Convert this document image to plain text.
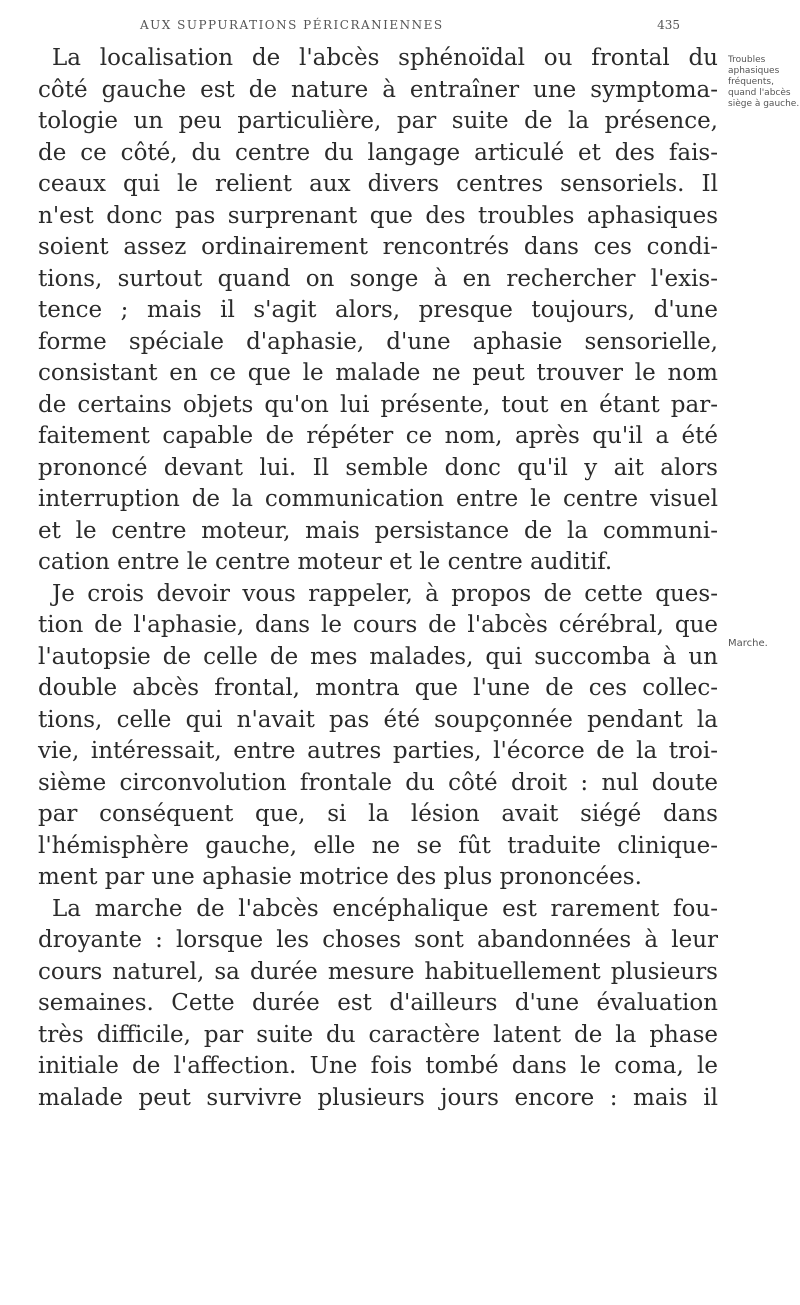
AUX SUPPURATIONS PÉRICRANIENNES	435
Troubles aphasiques fréquents, quand l'abcès siège à gauche.
Marche.
La localisation de l'abcès sphénoïdal ou frontal du
côté gauche est de nature à entraîner une symptoma-
tologie un peu particulière, par suite de la présence,
de ce côté, du centre du langage articulé et des fais-
ceaux qui le relient aux divers centres sensoriels. Il
n'est donc pas surprenant que des troubles aphasiques
soient assez ordinairement rencontrés dans ces condi-
tions, surtout quand on songe à en rechercher l'exis-
tence ; mais il s'agit alors, presque toujours, d'une
forme spéciale d'aphasie, d'une aphasie sensorielle,
consistant en ce que le malade ne peut trouver le nom
de certains objets qu'on lui présente, tout en étant par-
faitement capable de répéter ce nom, après qu'il a été
prononcé devant lui. Il semble donc qu'il y ait alors
interruption de la communication entre le centre visuel
et le centre moteur, mais persistance de la communi-
cation entre le centre moteur et le centre auditif.
Je crois devoir vous rappeler, à propos de cette ques-
tion de l'aphasie, dans le cours de l'abcès cérébral, que
l'autopsie de celle de mes malades, qui succomba à un
double abcès frontal, montra que l'une de ces collec-
tions, celle qui n'avait pas été soupçonnée pendant la
vie, intéressait, entre autres parties, l'écorce de la troi-
sième circonvolution frontale du côté droit : nul doute
par conséquent que, si la lésion avait siégé dans
l'hémisphère gauche, elle ne se fût traduite clinique-
ment par une aphasie motrice des plus prononcées.
La marche de l'abcès encéphalique est rarement fou-
droyante : lorsque les choses sont abandonnées à leur
cours naturel, sa durée mesure habituellement plusieurs
semaines. Cette durée est d'ailleurs d'une évaluation
très difficile, par suite du caractère latent de la phase
initiale de l'affection. Une fois tombé dans le coma, le
malade peut survivre plusieurs jours encore : mais il
